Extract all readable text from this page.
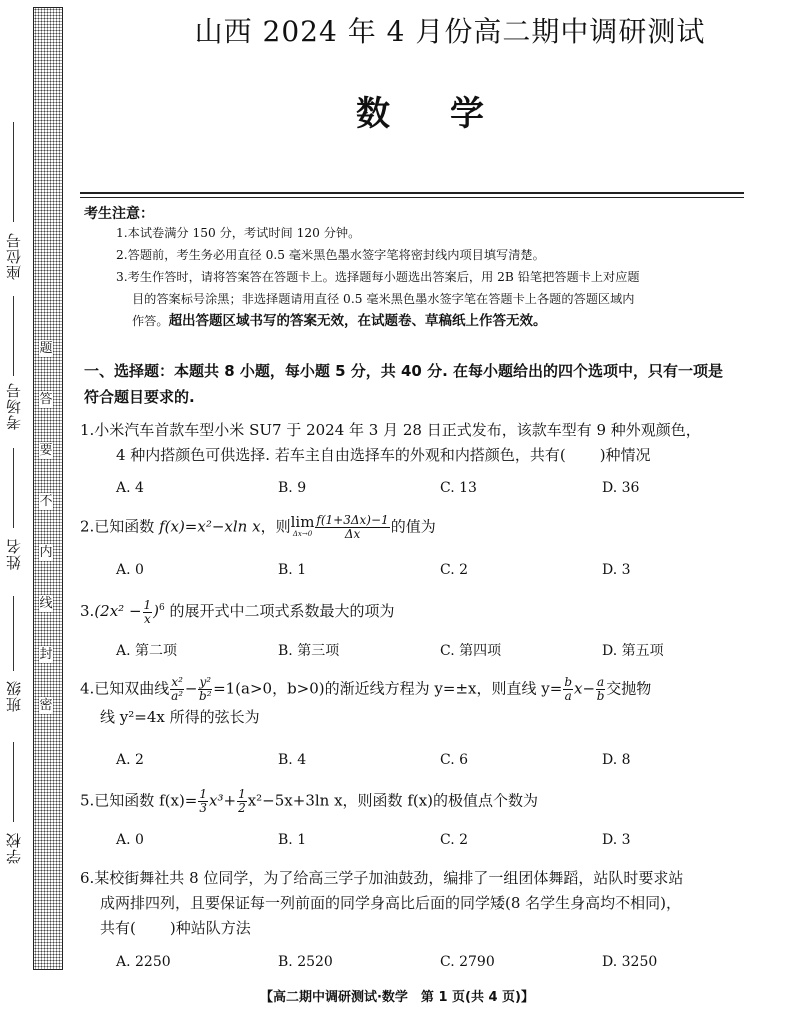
题
答
要
不
内
线
封
密
座位号
考场号
姓名
班级
学校
山西 2024 年 4 月份高二期中调研测试
数学
考生注意：
1.本试卷满分 150 分，考试时间 120 分钟。
2.答题前，考生务必用直径 0.5 毫米黑色墨水签字笔将密封线内项目填写清楚。
3.考生作答时，请将答案答在答题卡上。选择题每小题选出答案后，用 2B 铅笔把答题卡上对应题
目的答案标号涂黑；非选择题请用直径 0.5 毫米黑色墨水签字笔在答题卡上各题的答题区域内
作答。超出答题区域书写的答案无效，在试题卷、草稿纸上作答无效。
一、选择题：本题共 8 小题，每小题 5 分，共 40 分. 在每小题给出的四个选项中，只有一项是
符合题目要求的.
1.小米汽车首款车型小米 SU7 于 2024 年 3 月 28 日正式发布，该款车型有 9 种外观颜色，
4 种内搭颜色可供选择. 若车主自由选择车的外观和内搭颜色，共有( )种情况
A. 4	B. 9	C. 13	D. 36
2.已知函数 f(x)=x²−xln x，则 lim
$\Delta x\to 0 \frac{f(1+3\Delta x)-1}{\Delta x}$ 的值为
A. 0	B. 1	C. 2	D. 3
$3.(2x^2 - \frac{1}{x} )^6$ 的展开式中二项式系数最大的项为
A. 第二项	B. 第三项	C. 第四项	D. 第五项
4.已知双曲线 $\frac{\text{x²}}{\text{a²}} - \frac{\text{y²}}{\text{b²}} =1(a>0$，b>0)的渐近线方程为 y=±x，则直线 $y= \frac{b}{a} x- \frac{a}{b}$ 交抛物
线 y²=4x 所得的弦长为
A. 2	B. 4	C. 6	D. 8
5.已知函数 $f(x)= \frac{1}{3} x^3+ \frac{1}{2} x^2-5x+3\ln$ x，则函数 f(x)的极值点个数为
A. 0	B. 1	C. 2	D. 3
6.某校街舞社共 8 位同学，为了给高三学子加油鼓劲，编排了一组团体舞蹈，站队时要求站
成两排四列，且要保证每一列前面的同学身高比后面的同学矮(8 名学生身高均不相同)，
共有( )种站队方法
A. 2250	B. 2520	C. 2790	D. 3250
【高二期中调研测试·数学　第 1 页(共 4 页)】
